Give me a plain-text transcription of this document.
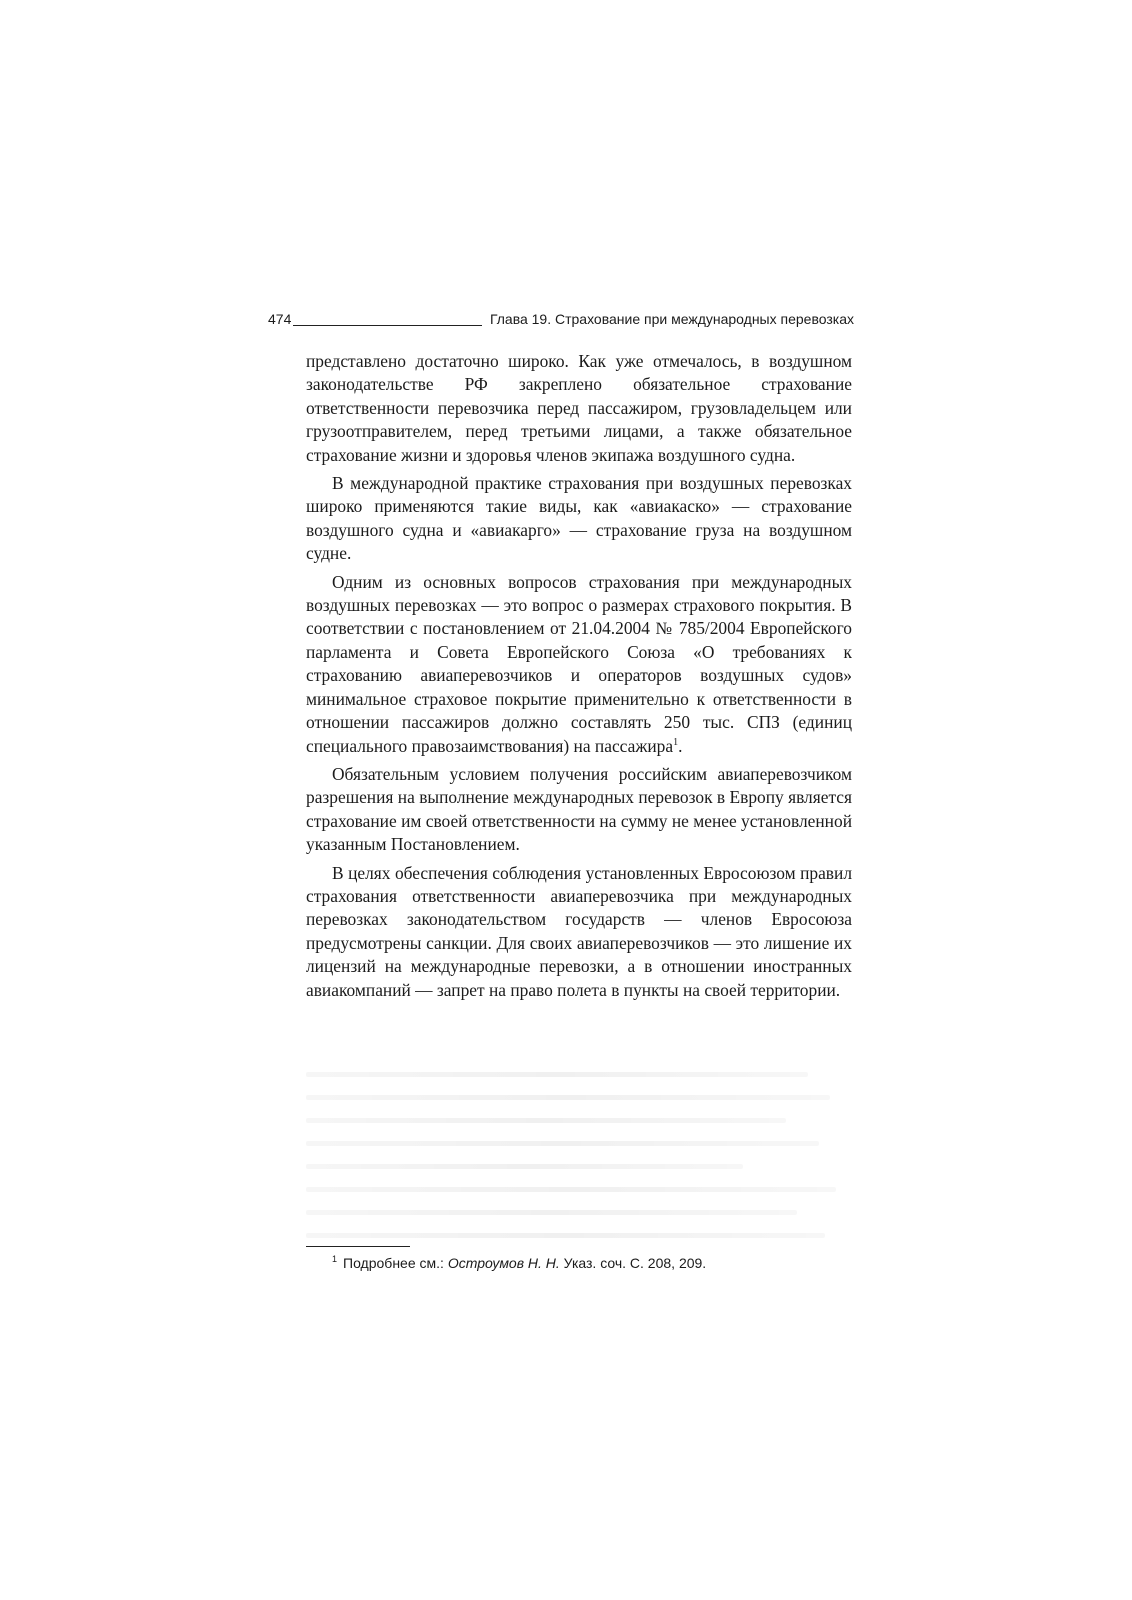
474	Глава 19. Страхование при международных перевозках

представлено достаточно широко. Как уже отмечалось, в воздушном законодательстве РФ закреплено обязательное страхование ответственности перевозчика перед пассажиром, грузовладельцем или грузоотправителем, перед третьими лицами, а также обязательное страхование жизни и здоровья членов экипажа воздушного судна.

В международной практике страхования при воздушных перевозках широко применяются такие виды, как «авиакаско» — страхование воздушного судна и «авиакарго» — страхование груза на воздушном судне.

Одним из основных вопросов страхования при международных воздушных перевозках — это вопрос о размерах страхового покрытия. В соответствии с постановлением от 21.04.2004 № 785/2004 Европейского парламента и Совета Европейского Союза «О требованиях к страхованию авиаперевозчиков и операторов воздушных судов» минимальное страховое покрытие применительно к ответственности в отношении пассажиров должно составлять 250 тыс. СПЗ (единиц специального правозаимствования) на пассажира$^1$.

Обязательным условием получения российским авиаперевозчиком разрешения на выполнение международных перевозок в Европу является страхование им своей ответственности на сумму не менее установленной указанным Постановлением.

В целях обеспечения соблюдения установленных Евросоюзом правил страхования ответственности авиаперевозчика при международных перевозках законодательством государств — членов Евросоюза предусмотрены санкции. Для своих авиаперевозчиков — это лишение их лицензий на международные перевозки, а в отношении иностранных авиакомпаний — запрет на право полета в пункты на своей территории.

$^1$ Подробнее см.: Остроумов Н. Н. Указ. соч. С. 208, 209.
